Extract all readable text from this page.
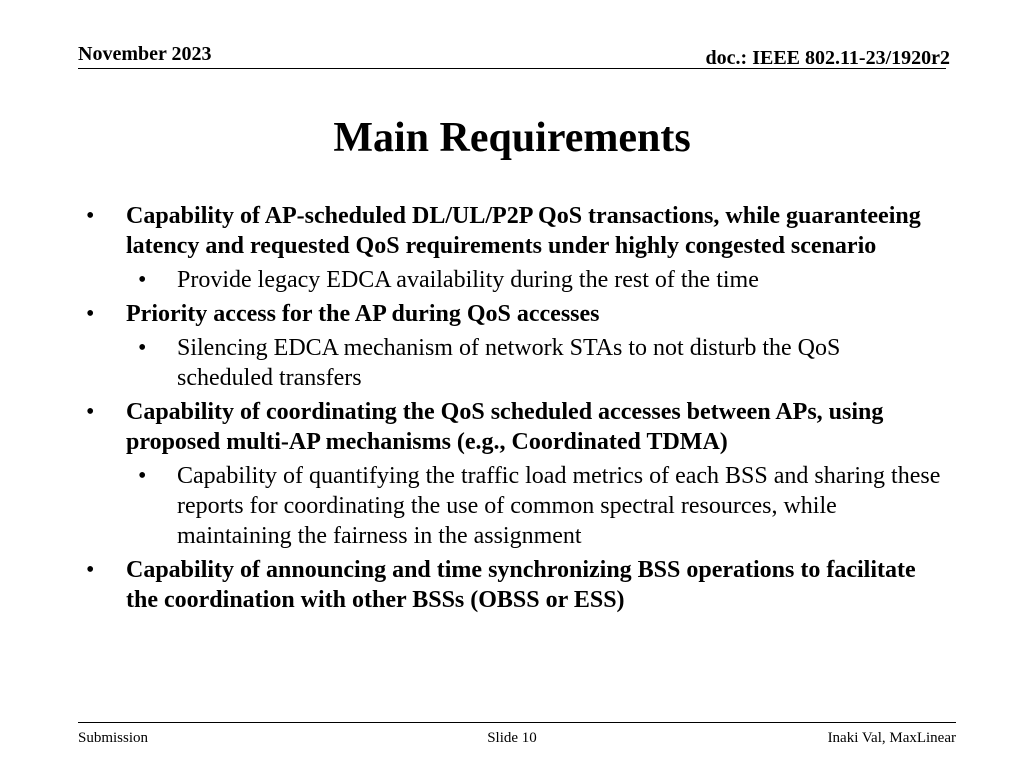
November 2023	doc.: IEEE 802.11-23/1920r2
Main Requirements
• Capability of AP-scheduled DL/UL/P2P QoS transactions, while guaranteeing latency and requested QoS requirements under highly congested scenario
• Provide legacy EDCA availability during the rest of the time
• Priority access for the AP during QoS accesses
• Silencing EDCA mechanism of network STAs to not disturb the QoS scheduled transfers
• Capability of coordinating the QoS scheduled accesses between APs, using proposed multi-AP mechanisms (e.g., Coordinated TDMA)
• Capability of quantifying the traffic load metrics of each BSS and sharing these reports for coordinating the use of common spectral resources, while maintaining the fairness in the assignment
• Capability of announcing and time synchronizing BSS operations to facilitate the coordination with other BSSs (OBSS or ESS)
Submission	Slide 10	Inaki Val, MaxLinear
